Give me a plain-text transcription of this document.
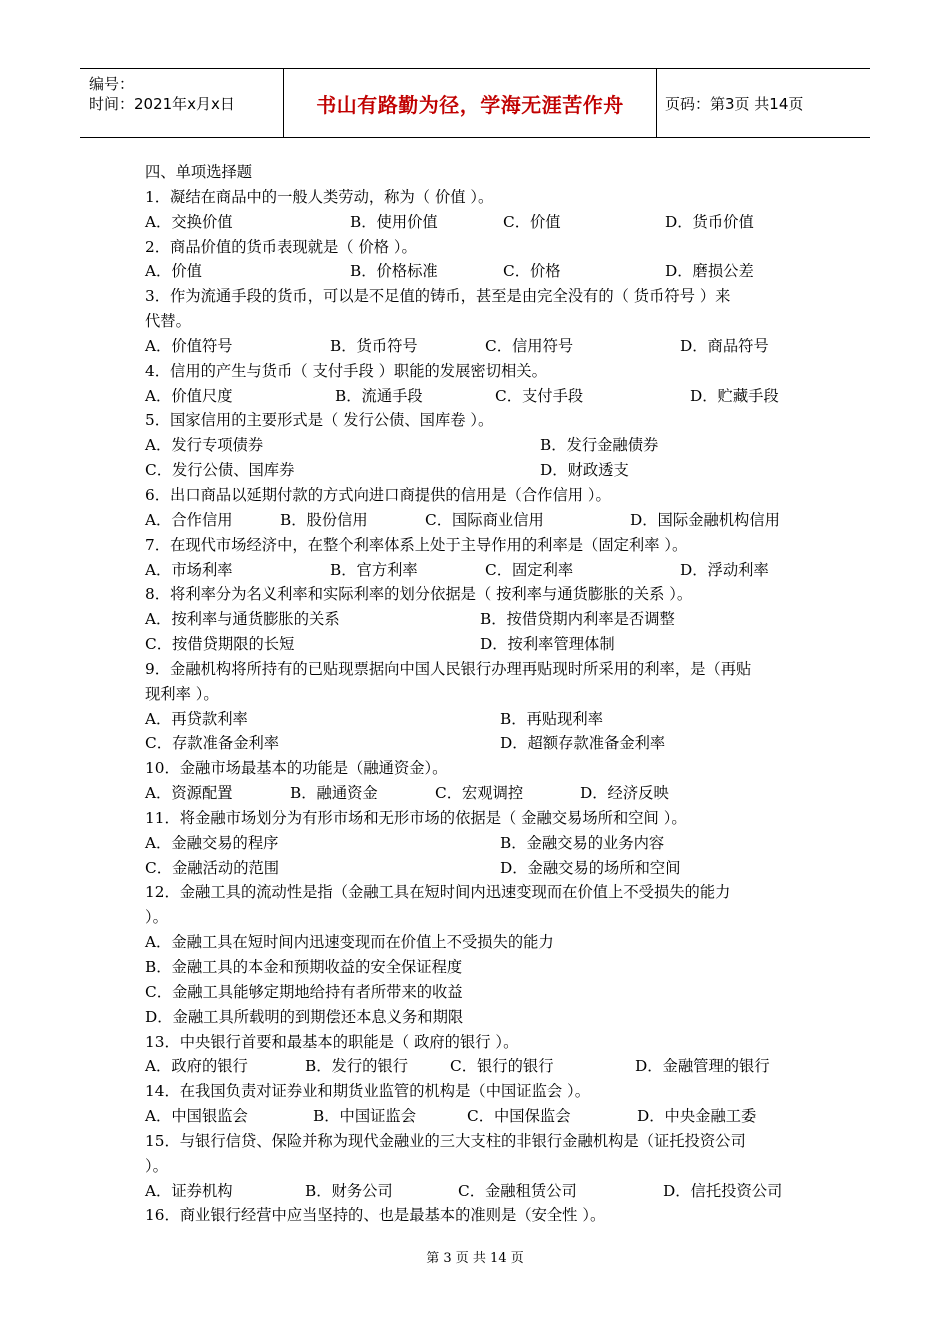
编号：
时间：2021年x月x日	书山有路勤为径，学海无涯苦作舟	页码：第3页 共14页
四、单项选择题
1．凝结在商品中的一般人类劳动，称为（ 价值 ）。
A．交换价值	B．使用价值	C．价值	D．货币价值
2．商品价值的货币表现就是（ 价格 ）。
A．价值	B．价格标准	C．价格	D．磨损公差
3．作为流通手段的货币，可以是不足值的铸币，甚至是由完全没有的（ 货币符号 ）来
代替。
A．价值符号	B．货币符号	C．信用符号	D．商品符号
4．信用的产生与货币（ 支付手段 ）职能的发展密切相关。
A．价值尺度	B．流通手段	C．支付手段	D．贮藏手段
5．国家信用的主要形式是（ 发行公债、国库卷 ）。
A．发行专项债券	B．发行金融债券
C．发行公债、国库券	D．财政透支
6．出口商品以延期付款的方式向进口商提供的信用是（合作信用 ）。
A．合作信用	B．股份信用	C．国际商业信用	D．国际金融机构信用
7．在现代市场经济中，在整个利率体系上处于主导作用的利率是（固定利率 ）。
A．市场利率	B．官方利率	C．固定利率	D．浮动利率
8．将利率分为名义利率和实际利率的划分依据是（ 按利率与通货膨胀的关系 ）。
A．按利率与通货膨胀的关系	B．按借贷期内利率是否调整
C．按借贷期限的长短	D．按利率管理体制
9．金融机构将所持有的已贴现票据向中国人民银行办理再贴现时所采用的利率，是（再贴
现利率 ）。
A．再贷款利率	B．再贴现利率
C．存款准备金利率	D．超额存款准备金利率
10．金融市场最基本的功能是（融通资金）。
A．资源配置	B．融通资金	C．宏观调控	D．经济反映
11．将金融市场划分为有形市场和无形市场的依据是（ 金融交易场所和空间 ）。
A．金融交易的程序	B．金融交易的业务内容
C．金融活动的范围	D．金融交易的场所和空间
12．金融工具的流动性是指（金融工具在短时间内迅速变现而在价值上不受损失的能力
）。
A．金融工具在短时间内迅速变现而在价值上不受损失的能力
B．金融工具的本金和预期收益的安全保证程度
C．金融工具能够定期地给持有者所带来的收益
D．金融工具所载明的到期偿还本息义务和期限
13．中央银行首要和最基本的职能是（ 政府的银行 ）。
A．政府的银行	B．发行的银行	C．银行的银行	D．金融管理的银行
14．在我国负责对证券业和期货业监管的机构是（中国证监会 ）。
A．中国银监会	B．中国证监会	C．中国保监会	D．中央金融工委
15．与银行信贷、保险并称为现代金融业的三大支柱的非银行金融机构是（证托投资公司
）。
A．证券机构	B．财务公司	C．金融租赁公司	D．信托投资公司
16．商业银行经营中应当坚持的、也是最基本的准则是（安全性 ）。
第 3 页 共 14 页
